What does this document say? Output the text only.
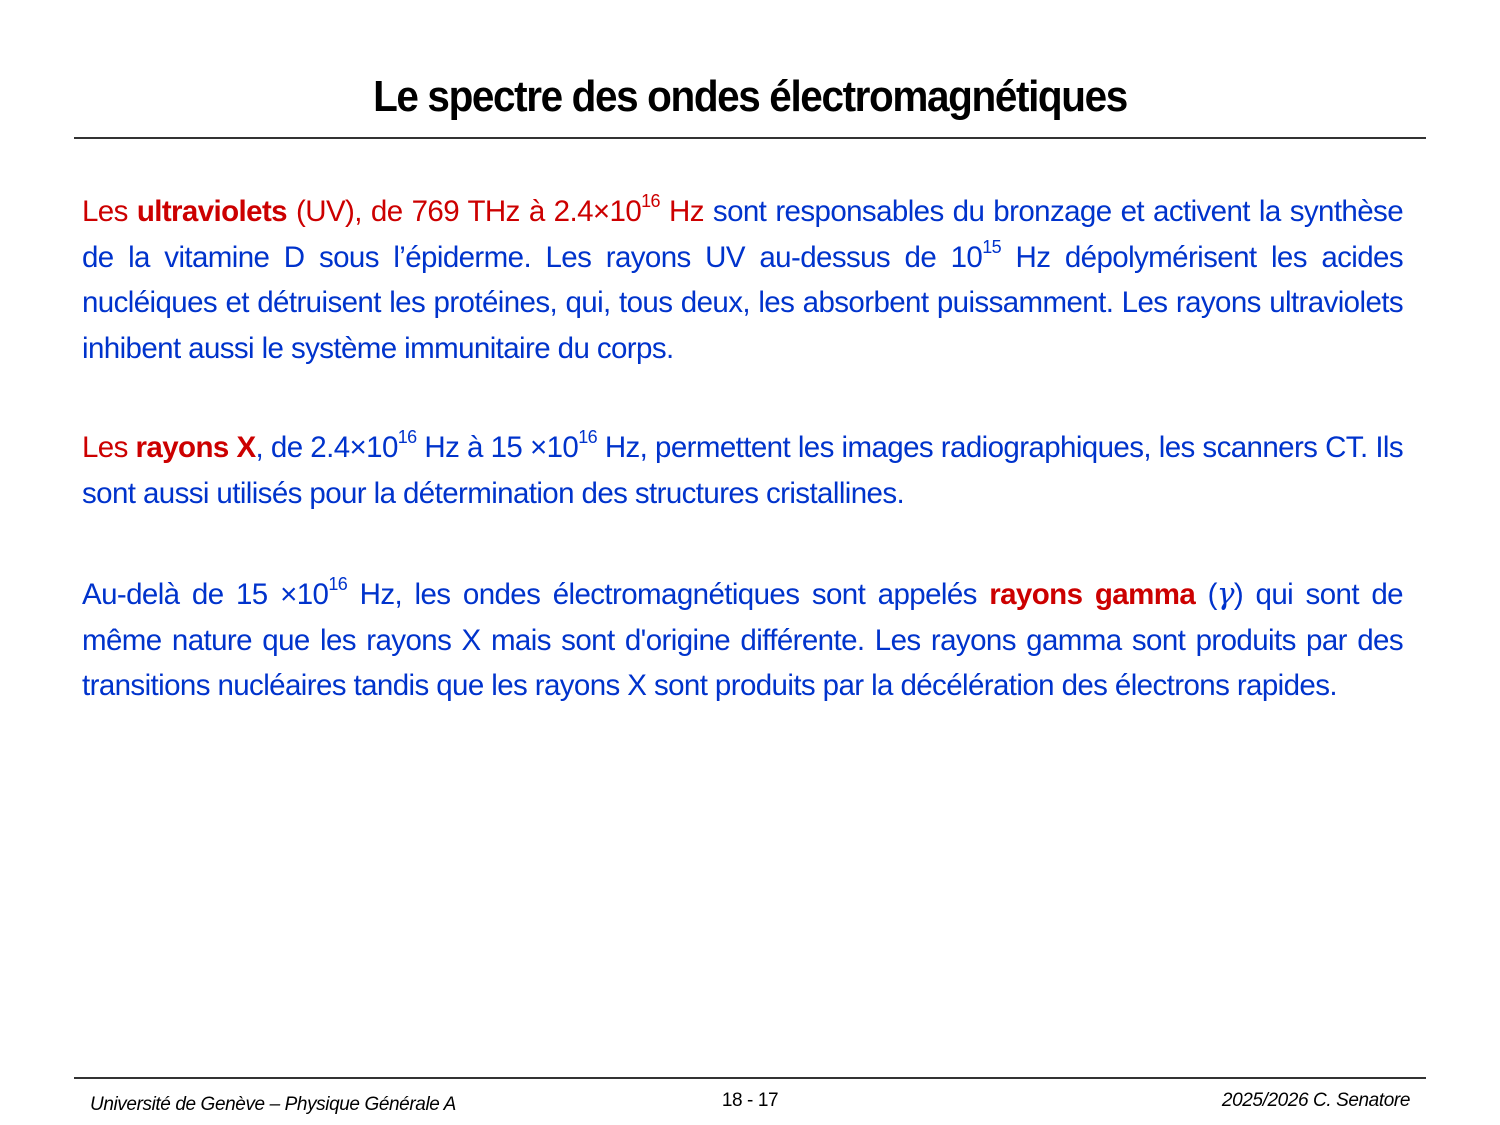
Le spectre des ondes électromagnétiques
Les ultraviolets (UV), de 769 THz à $2.4\times 10^{16}$ Hz sont responsables du bronzage et activent la synthèse de la vitamine D sous l’épiderme. Les rayons UV au-dessus de $10^{15}$ Hz dépolymérisent les acides nucléiques et détruisent les protéines, qui, tous deux, les absorbent puissamment. Les rayons ultraviolets inhibent aussi le système immunitaire du corps.
Les rayons X, de $2.4\times 10^{16}$ Hz à $15 \times 10^{16}$ Hz, permettent les images radiographiques, les scanners CT. Ils sont aussi utilisés pour la détermination des structures cristallines.
Au-delà de $15 \times 10^{16}$ Hz, les ondes électromagnétiques sont appelés rayons gamma (γ) qui sont de même nature que les rayons X mais sont d'origine différente. Les rayons gamma sont produits par des transitions nucléaires tandis que les rayons X sont produits par la décélération des électrons rapides.
Université de Genève – Physique Générale A	18 - 17	2025/2026 C. Senatore
